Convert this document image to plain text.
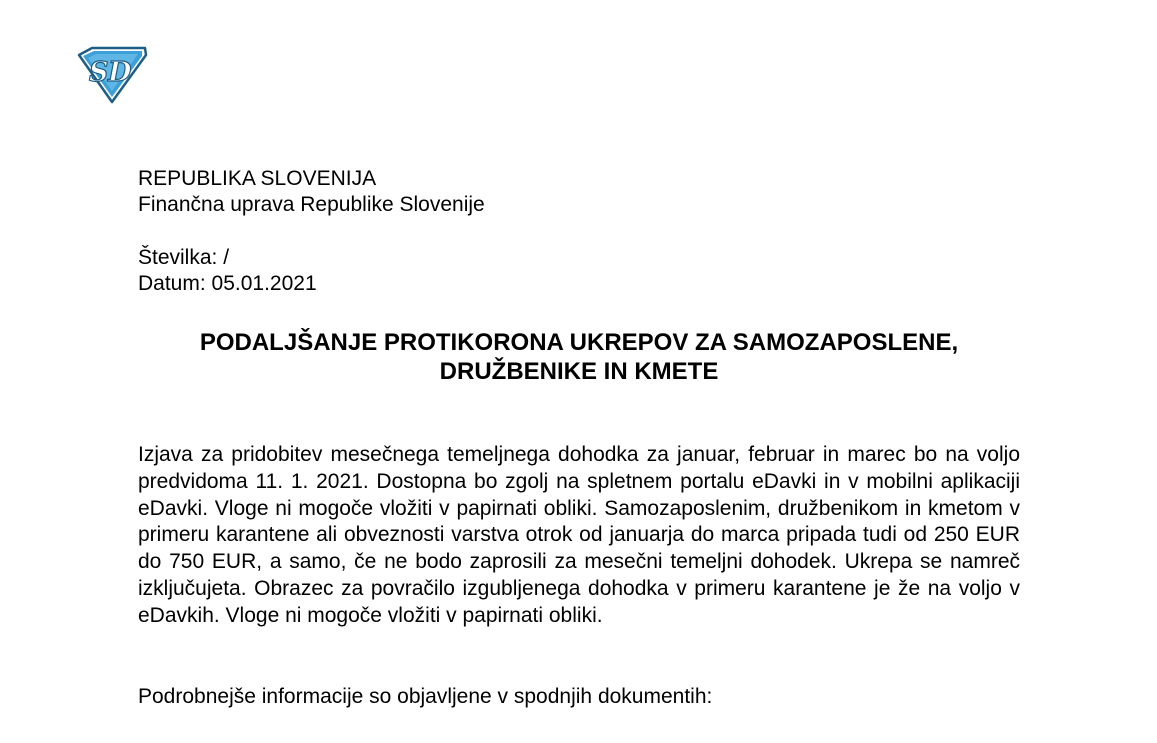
S D
REPUBLIKA SLOVENIJA
Finančna uprava Republike Slovenije
Številka: /
Datum: 05.01.2021
PODALJŠANJE PROTIKORONA UKREPOV ZA SAMOZAPOSLENE,
DRUŽBENIKE IN KMETE
Izjava za pridobitev mesečnega temeljnega dohodka za januar, februar in marec bo na voljo predvidoma 11. 1. 2021. Dostopna bo zgolj na spletnem portalu eDavki in v mobilni aplikaciji eDavki. Vloge ni mogoče vložiti v papirnati obliki. Samozaposlenim, družbenikom in kmetom v primeru karantene ali obveznosti varstva otrok od januarja do marca pripada tudi od 250 EUR do 750 EUR, a samo, če ne bodo zaprosili za mesečni temeljni dohodek. Ukrepa se namreč izključujeta. Obrazec za povračilo izgubljenega dohodka v primeru karantene je že na voljo v eDavkih. Vloge ni mogoče vložiti v papirnati obliki.
Podrobnejše informacije so objavljene v spodnjih dokumentih:
